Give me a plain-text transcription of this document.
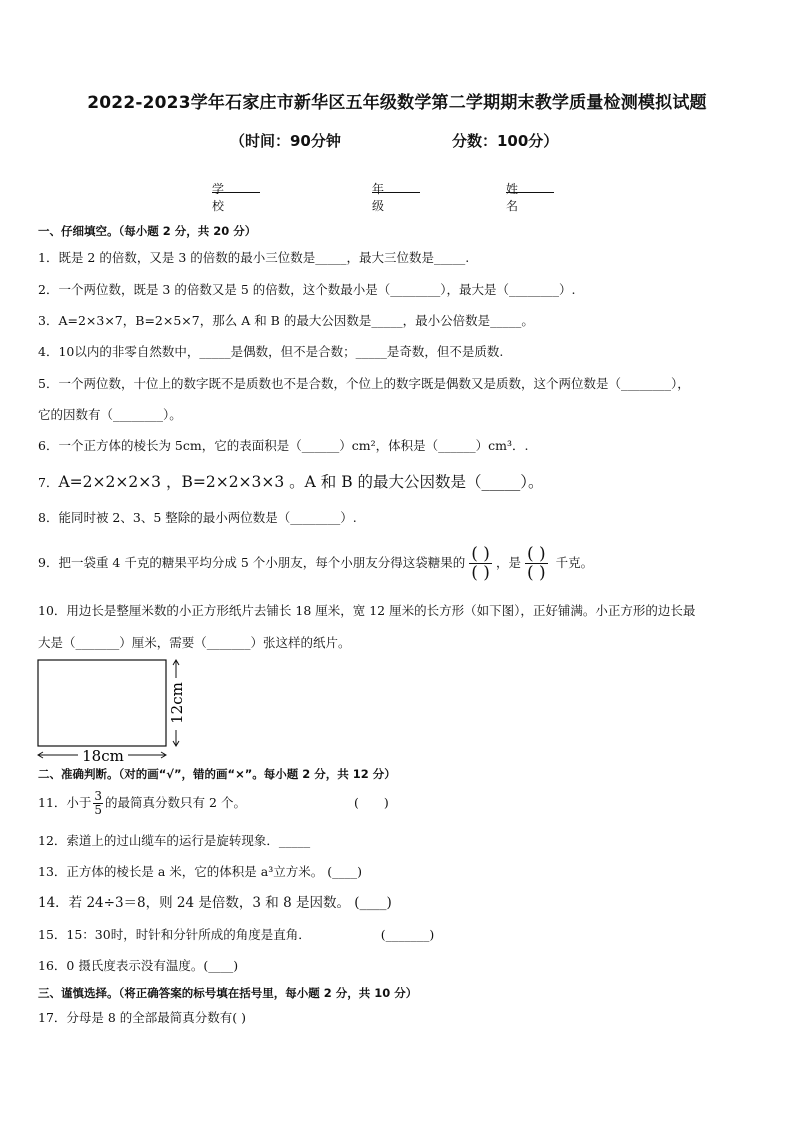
2022-2023学年石家庄市新华区五年级数学第二学期期末教学质量检测模拟试题
（时间：90分钟	分数：100分）
学校
年级
姓名
一、仔细填空。（每小题 2 分，共 20 分）
1．既是 2 的倍数，又是 3 的倍数的最小三位数是_____，最大三位数是_____.
2．一个两位数，既是 3 的倍数又是 5 的倍数，这个数最小是（________），最大是（________）.
3．A=2×3×7，B=2×5×7，那么 A 和 B 的最大公因数是_____，最小公倍数是_____。
4．10以内的非零自然数中，_____是偶数，但不是合数；_____是奇数，但不是质数.
5．一个两位数，十位上的数字既不是质数也不是合数，个位上的数字既是偶数又是质数，这个两位数是（________），
它的因数有（________）。
6．一个正方体的棱长为 5cm，它的表面积是（______）cm²，体积是（______）cm³．.
7．A=2×2×2×3 ，B=2×2×3×3 。A 和 B 的最大公因数是（_____）。
8．能同时被 2、3、5 整除的最小两位数是（________）.
9．把一袋重 4 千克的糖果平均分成 5 个小朋友，每个小朋友分得这袋糖果的 $\frac{( )}{( )}$ ，是 $\frac{( )}{( )}$ 千克。
10．用边长是整厘米数的小正方形纸片去铺长 18 厘米，宽 12 厘米的长方形（如下图），正好铺满。小正方形的边长最
大是（_______）厘米，需要（_______）张这样的纸片。
18cm
12cm
二、准确判断。（对的画“√”，错的画“×”。每小题 2 分，共 12 分）
11．小于 $\frac{3}{5}$ 的最简真分数只有 2 个。	(　　)
12．索道上的过山缆车的运行是旋转现象．_____
13．正方体的棱长是 a 米，它的体积是 a³立方米。 (____)
14．若 24÷3＝8，则 24 是倍数，3 和 8 是因数。 (____)
15．15：30时，时针和分针所成的角度是直角．	(_______)
16．0 摄氏度表示没有温度。(____)
三、谨慎选择。（将正确答案的标号填在括号里，每小题 2 分，共 10 分）
17．分母是 8 的全部最简真分数有( )
